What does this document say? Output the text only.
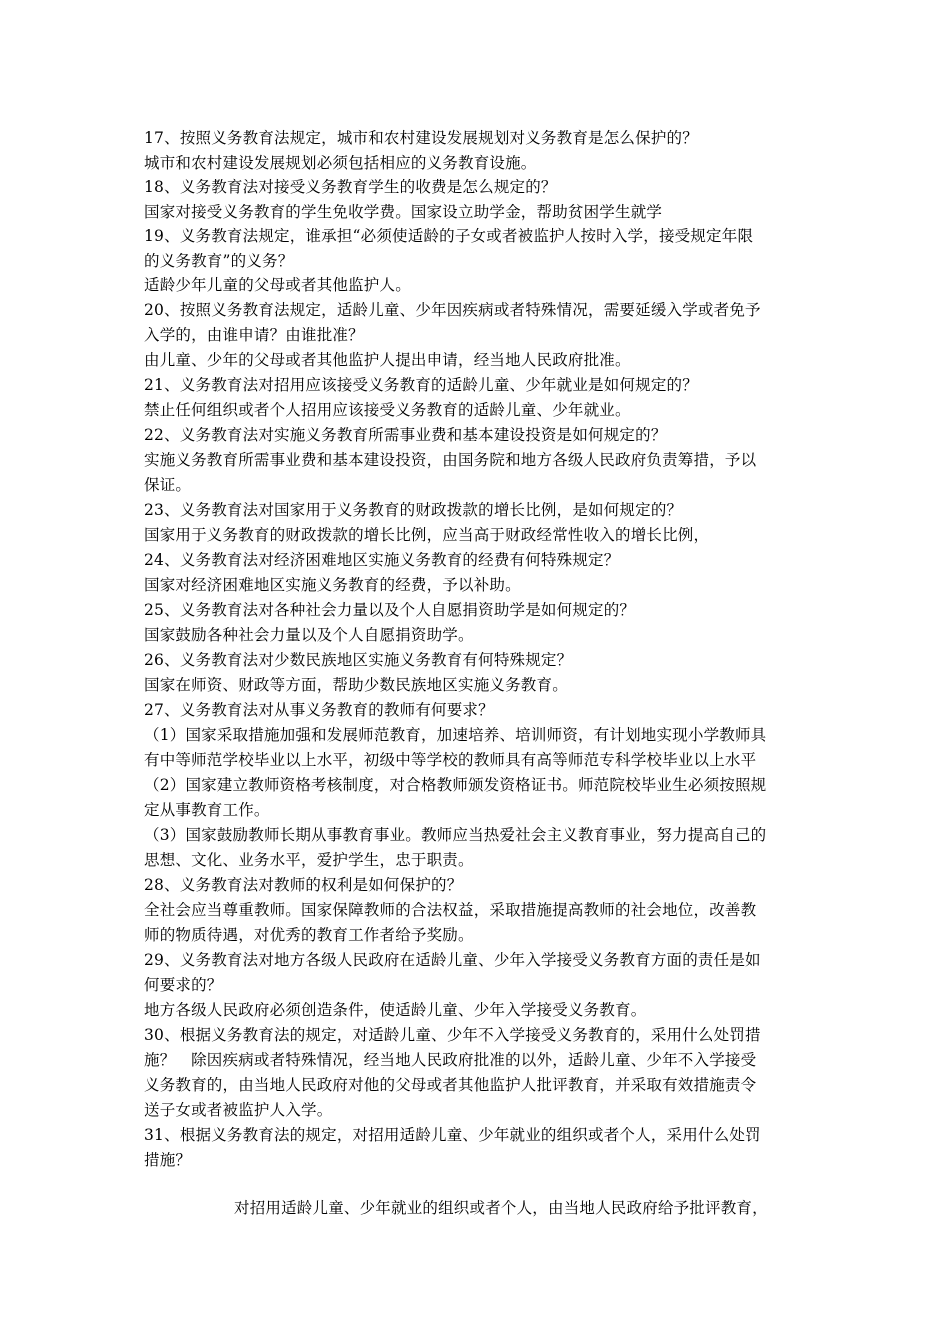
17、按照义务教育法规定，城市和农村建设发展规划对义务教育是怎么保护的？
城市和农村建设发展规划必须包括相应的义务教育设施。
18、义务教育法对接受义务教育学生的收费是怎么规定的？
国家对接受义务教育的学生免收学费。国家设立助学金，帮助贫困学生就学
19、义务教育法规定，谁承担“必须使适龄的子女或者被监护人按时入学，接受规定年限
的义务教育”的义务？
适龄少年儿童的父母或者其他监护人。
20、按照义务教育法规定，适龄儿童、少年因疾病或者特殊情况，需要延缓入学或者免予
入学的，由谁申请？由谁批准？
由儿童、少年的父母或者其他监护人提出申请，经当地人民政府批准。
21、义务教育法对招用应该接受义务教育的适龄儿童、少年就业是如何规定的？
禁止任何组织或者个人招用应该接受义务教育的适龄儿童、少年就业。
22、义务教育法对实施义务教育所需事业费和基本建设投资是如何规定的？
实施义务教育所需事业费和基本建设投资，由国务院和地方各级人民政府负责筹措，予以
保证。
23、义务教育法对国家用于义务教育的财政拨款的增长比例，是如何规定的？
国家用于义务教育的财政拨款的增长比例，应当高于财政经常性收入的增长比例，
24、义务教育法对经济困难地区实施义务教育的经费有何特殊规定？
国家对经济困难地区实施义务教育的经费，予以补助。
25、义务教育法对各种社会力量以及个人自愿捐资助学是如何规定的？
国家鼓励各种社会力量以及个人自愿捐资助学。
26、义务教育法对少数民族地区实施义务教育有何特殊规定？
国家在师资、财政等方面，帮助少数民族地区实施义务教育。
27、义务教育法对从事义务教育的教师有何要求？
（1）国家采取措施加强和发展师范教育，加速培养、培训师资，有计划地实现小学教师具
有中等师范学校毕业以上水平，初级中等学校的教师具有高等师范专科学校毕业以上水平
（2）国家建立教师资格考核制度，对合格教师颁发资格证书。师范院校毕业生必须按照规
定从事教育工作。
（3）国家鼓励教师长期从事教育事业。教师应当热爱社会主义教育事业，努力提高自己的
思想、文化、业务水平，爱护学生，忠于职责。
28、义务教育法对教师的权利是如何保护的？
全社会应当尊重教师。国家保障教师的合法权益，采取措施提高教师的社会地位，改善教
师的物质待遇，对优秀的教育工作者给予奖励。
29、义务教育法对地方各级人民政府在适龄儿童、少年入学接受义务教育方面的责任是如
何要求的？
地方各级人民政府必须创造条件，使适龄儿童、少年入学接受义务教育。
30、根据义务教育法的规定，对适龄儿童、少年不入学接受义务教育的，采用什么处罚措
施？　除因疾病或者特殊情况，经当地人民政府批准的以外，适龄儿童、少年不入学接受
义务教育的，由当地人民政府对他的父母或者其他监护人批评教育，并采取有效措施责令
送子女或者被监护人入学。
31、根据义务教育法的规定，对招用适龄儿童、少年就业的组织或者个人，采用什么处罚
措施？
对招用适龄儿童、少年就业的组织或者个人，由当地人民政府给予批评教育，
